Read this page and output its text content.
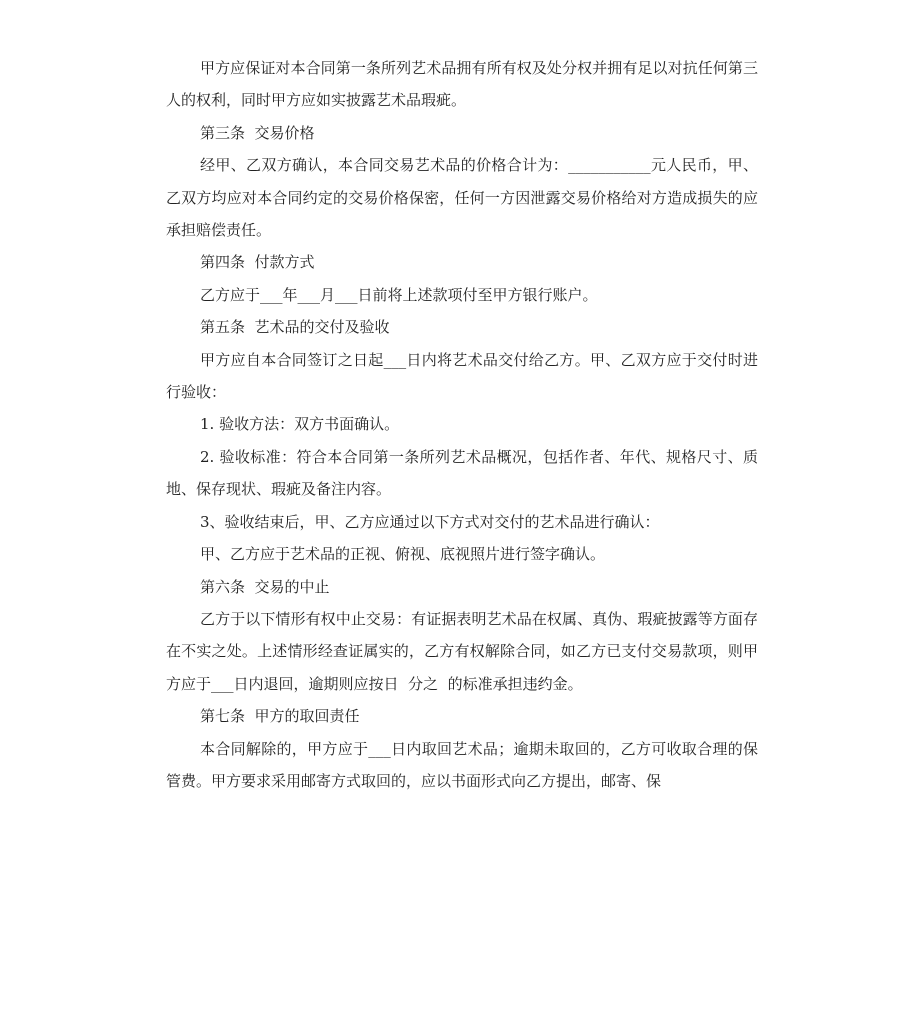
甲方应保证对本合同第一条所列艺术品拥有所有权及处分权并拥有足以对抗任何第三人的权利，同时甲方应如实披露艺术品瑕疵。

第三条  交易价格

经甲、乙双方确认，本合同交易艺术品的价格合计为：___________元人民币，甲、乙双方均应对本合同约定的交易价格保密，任何一方因泄露交易价格给对方造成损失的应承担赔偿责任。

第四条  付款方式

乙方应于___年___月___日前将上述款项付至甲方银行账户。

第五条  艺术品的交付及验收

甲方应自本合同签订之日起___日内将艺术品交付给乙方。甲、乙双方应于交付时进行验收：

1. 验收方法：双方书面确认。

2. 验收标准：符合本合同第一条所列艺术品概况，包括作者、年代、规格尺寸、质地、保存现状、瑕疵及备注内容。

3、验收结束后，甲、乙方应通过以下方式对交付的艺术品进行确认：

甲、乙方应于艺术品的正视、俯视、底视照片进行签字确认。

第六条  交易的中止

乙方于以下情形有权中止交易：有证据表明艺术品在权属、真伪、瑕疵披露等方面存在不实之处。上述情形经查证属实的，乙方有权解除合同，如乙方已支付交易款项，则甲方应于___日内退回，逾期则应按日  分之  的标准承担违约金。

第七条  甲方的取回责任

本合同解除的，甲方应于___日内取回艺术品；逾期未取回的，乙方可收取合理的保管费。甲方要求采用邮寄方式取回的，应以书面形式向乙方提出，邮寄、保
